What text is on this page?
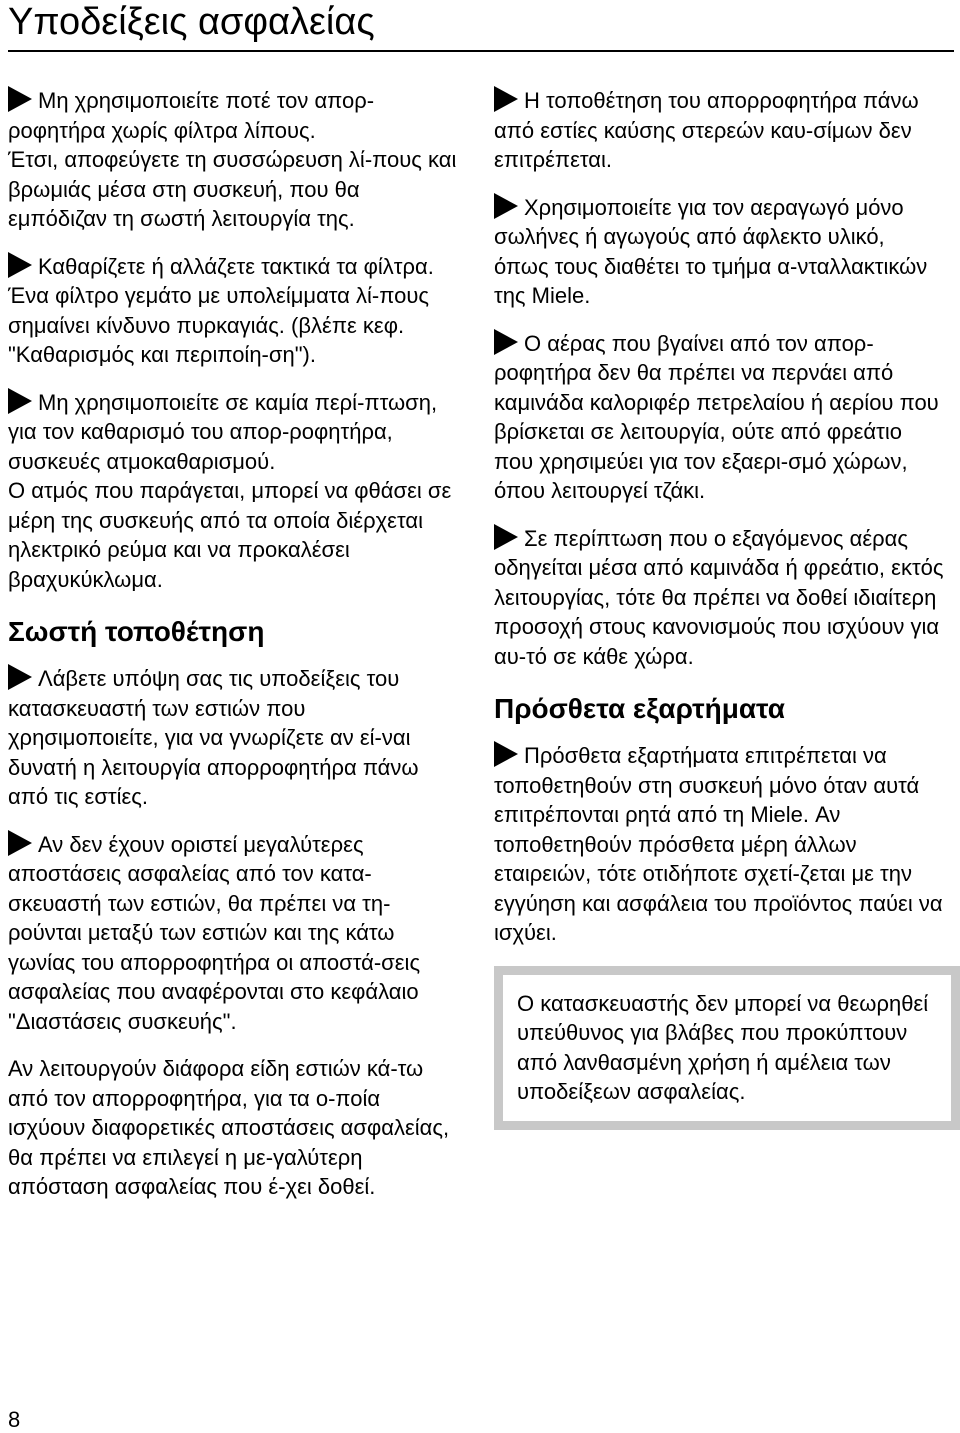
Υποδείξεις ασφαλείας

Μη χρησιμοποιείτε ποτέ τον απορ-ροφητήρα χωρίς φίλτρα λίπους.

Έτσι, αποφεύγετε τη συσσώρευση λί-πους και βρωμιάς μέσα στη συσκευή, που θα εμπόδιζαν τη σωστή λειτουργία της.

Καθαρίζετε ή αλλάζετε τακτικά τα φίλτρα.

Ένα φίλτρο γεμάτο με υπολείμματα λί-πους σημαίνει κίνδυνο πυρκαγιάς. (βλέπε κεφ. "Καθαρισμός και περιποίη-ση").

Μη χρησιμοποιείτε σε καμία περί-πτωση, για τον καθαρισμό του απορ-ροφητήρα, συσκευές ατμοκαθαρισμού.

Ο ατμός που παράγεται, μπορεί να φθάσει σε μέρη της συσκευής από τα οποία διέρχεται ηλεκτρικό ρεύμα και να προκαλέσει βραχυκύκλωμα.

Σωστή τοποθέτηση

Λάβετε υπόψη σας τις υποδείξεις του κατασκευαστή των εστιών που χρησιμοποιείτε, για να γνωρίζετε αν εί-ναι δυνατή η λειτουργία απορροφητήρα πάνω από τις εστίες.

Αν δεν έχουν οριστεί μεγαλύτερες αποστάσεις ασφαλείας από τον κατα-σκευαστή των εστιών, θα πρέπει να τη-ρούνται μεταξύ των εστιών και της κάτω γωνίας του απορροφητήρα οι αποστά-σεις ασφαλείας που αναφέρονται στο κεφάλαιο "Διαστάσεις συσκευής".

Αν λειτουργούν διάφορα είδη εστιών κά-τω από τον απορροφητήρα, για τα ο-ποία ισχύουν διαφορετικές αποστάσεις ασφαλείας, θα πρέπει να επιλεγεί η με-γαλύτερη απόσταση ασφαλείας που έ-χει δοθεί.

Η τοποθέτηση του απορροφητήρα πάνω από εστίες καύσης στερεών καυ-σίμων δεν επιτρέπεται.

Χρησιμοποιείτε για τον αεραγωγό μόνο σωλήνες ή αγωγούς από άφλεκτο υλικό, όπως τους διαθέτει το τμήμα α-νταλλακτικών της Miele.

Ο αέρας που βγαίνει από τον απορ-ροφητήρα δεν θα πρέπει να περνάει από καμινάδα καλοριφέρ πετρελαίου ή αερίου που βρίσκεται σε λειτουργία, ούτε από φρεάτιο που χρησιμεύει για τον εξαερι-σμό χώρων, όπου λειτουργεί τζάκι.

Σε περίπτωση που ο εξαγόμενος αέρας οδηγείται μέσα από καμινάδα ή φρεάτιο, εκτός λειτουργίας, τότε θα πρέπει να δοθεί ιδιαίτερη προσοχή στους κανονισμούς που ισχύουν για αυ-τό σε κάθε χώρα.

Πρόσθετα εξαρτήματα

Πρόσθετα εξαρτήματα επιτρέπεται να τοποθετηθούν στη συσκευή μόνο όταν αυτά επιτρέπονται ρητά από τη Miele. Αν τοποθετηθούν πρόσθετα μέρη άλλων εταιρειών, τότε οτιδήποτε σχετί-ζεται με την εγγύηση και ασφάλεια του προϊόντος παύει να ισχύει.

Ο κατασκευαστής δεν μπορεί να θεωρηθεί υπεύθυνος για βλάβες που προκύπτουν από λανθασμένη χρήση ή αμέλεια των υποδείξεων ασφαλείας.

8
